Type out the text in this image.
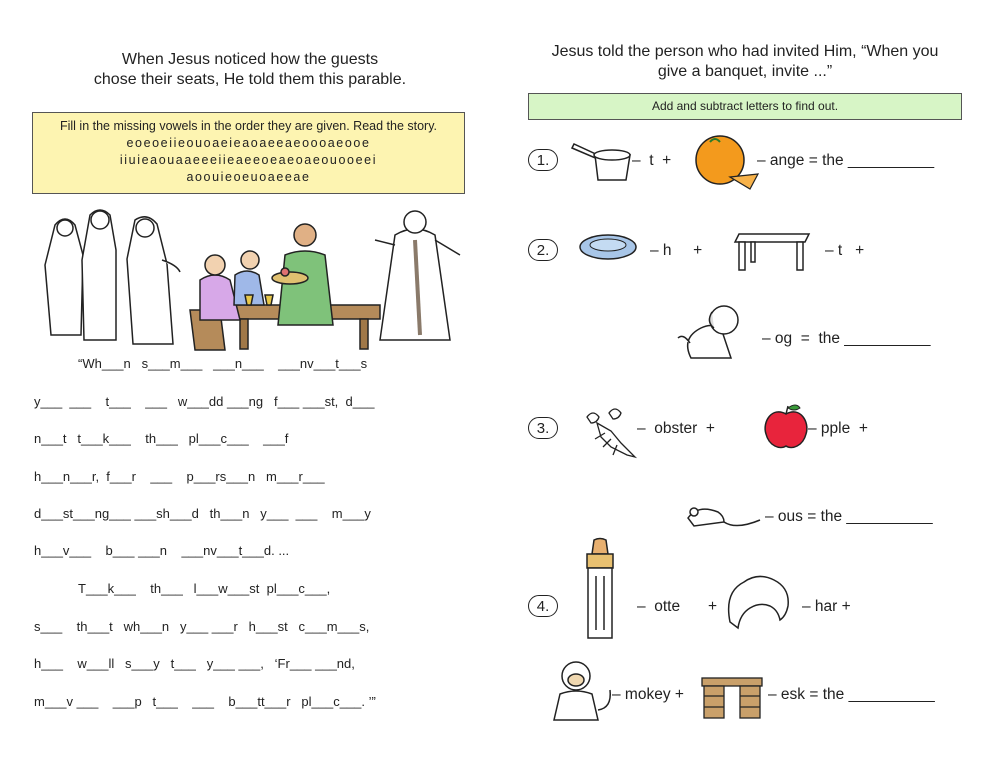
When Jesus noticed how the guests
chose their seats, He told them this parable.
Fill in the missing vowels in the order they are given. Read the story.
eoeoeiieouoaeieaoaeeaeoooaeooe
iiuieaouaaeeeiieaeeoeaeoaeouooeei
aoouieoeuoaeeae
“Wh___n   s___m___   ___n___    ___nv___t___s
y___  ___    t___    ___   w___dd ___ng   f___ ___st,  d___
n___t   t___k___    th___   pl___c___    ___f
h___n___r,  f___r    ___    p___rs___n   m___r___
d___st___ng___ ___sh___d   th___n   y___  ___    m___y
h___v___    b___ ___n    ___nv___t___d. ...
T___k___    th___   l___w___st  pl___c___,
s___    th___t   wh___n   y___ ___r   h___st   c___m___s,
h___    w___ll   s___y   t___   y___ ___,   ‘Fr___ ___nd,
m___v ___    ___p   t___    ___    b___tt___r   pl___c___. ’”
Jesus told the person who had invited Him, “When you
give a banquet, invite ...”
Add and subtract letters to find out.
1.	–  t  +	– ange = the __________
2.	– h     +	– t   +
– og  =  the __________
3.	–  obster  +	– pple  +
– ous = the __________
4.	–  otte +	– har +
– mokey +	– esk = the __________
